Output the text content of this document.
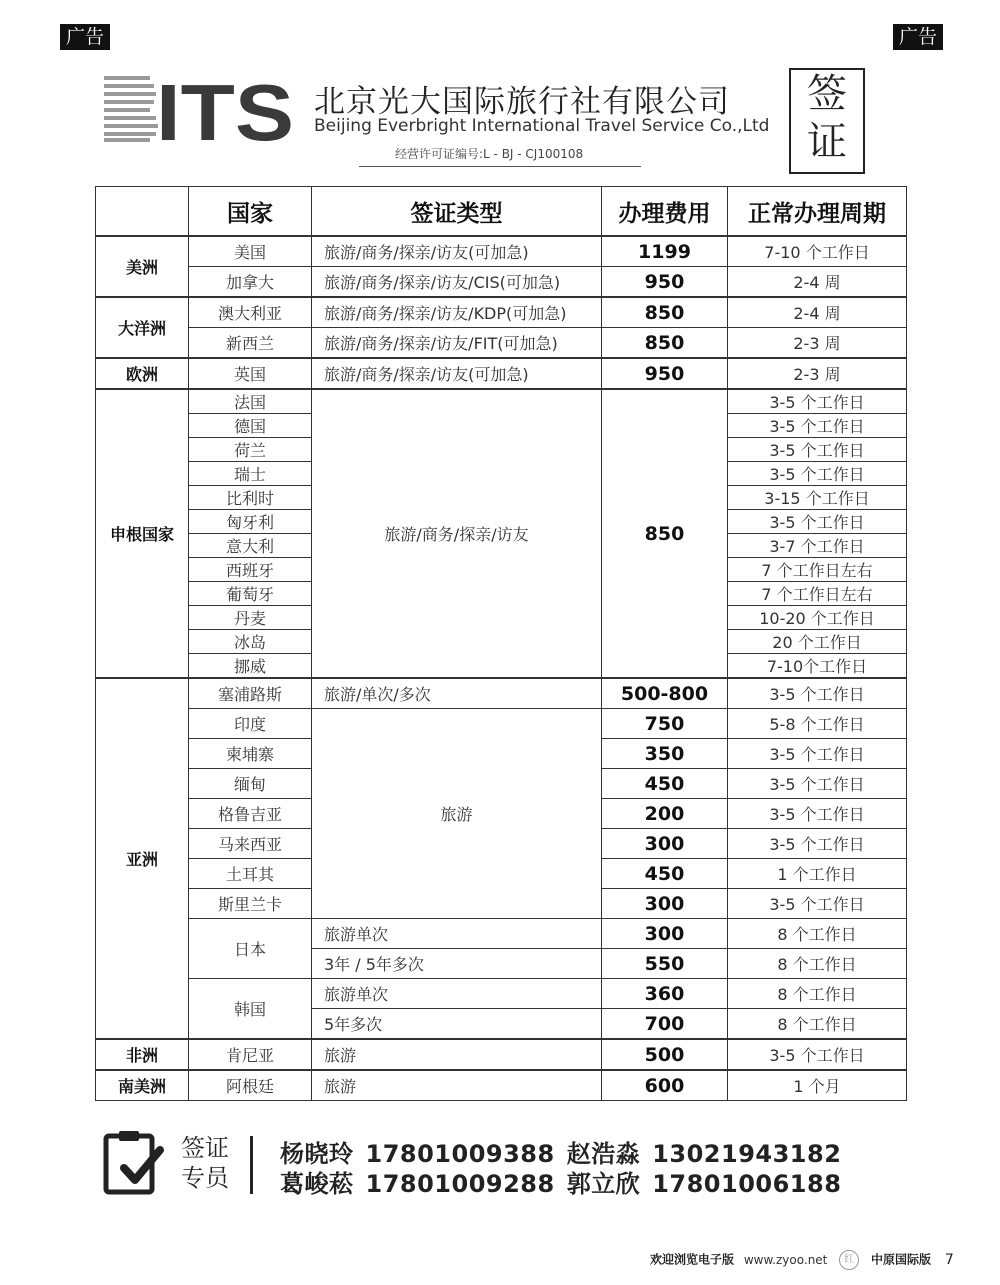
广告	广告
ITS 北京光大国际旅行社有限公司
Beijing Everbright International Travel Service Co.,Ltd
经营许可证编号:L - BJ - CJ100108
签
证
	国家	签证类型	办理费用	正常办理周期
美洲	美国	旅游/商务/探亲/访友(可加急)	1199	7-10 个工作日
	加拿大	旅游/商务/探亲/访友/CIS(可加急)	950	2-4 周
大洋洲	澳大利亚	旅游/商务/探亲/访友/KDP(可加急)	850	2-4 周
	新西兰	旅游/商务/探亲/访友/FIT(可加急)	850	2-3 周
欧洲	英国	旅游/商务/探亲/访友(可加急)	950	2-3 周
申根国家	法国	旅游/商务/探亲/访友	850	3-5 个工作日
	德国			3-5 个工作日
	荷兰			3-5 个工作日
	瑞士			3-5 个工作日
	比利时			3-15 个工作日
	匈牙利			3-5 个工作日
	意大利			3-7 个工作日
	西班牙			7 个工作日左右
	葡萄牙			7 个工作日左右
	丹麦			10-20 个工作日
	冰岛			20 个工作日
	挪威			7-10个工作日
亚洲	塞浦路斯	旅游/单次/多次	500-800	3-5 个工作日
	印度	旅游	750	5-8 个工作日
	柬埔寨		350	3-5 个工作日
	缅甸		450	3-5 个工作日
	格鲁吉亚		200	3-5 个工作日
	马来西亚		300	3-5 个工作日
	土耳其		450	1 个工作日
	斯里兰卡		300	3-5 个工作日
	日本	旅游单次	300	8 个工作日
		3年 / 5年多次	550	8 个工作日
	韩国	旅游单次	360	8 个工作日
		5年多次	700	8 个工作日
非洲	肯尼亚	旅游	500	3-5 个工作日
南美洲	阿根廷	旅游	600	1 个月
签证
专员
杨晓玲 17801009388 赵浩淼 13021943182
葛峻菘 17801009288 郭立欣 17801006188
欢迎浏览电子版 www.zyoo.net 红 中原国际版 7
